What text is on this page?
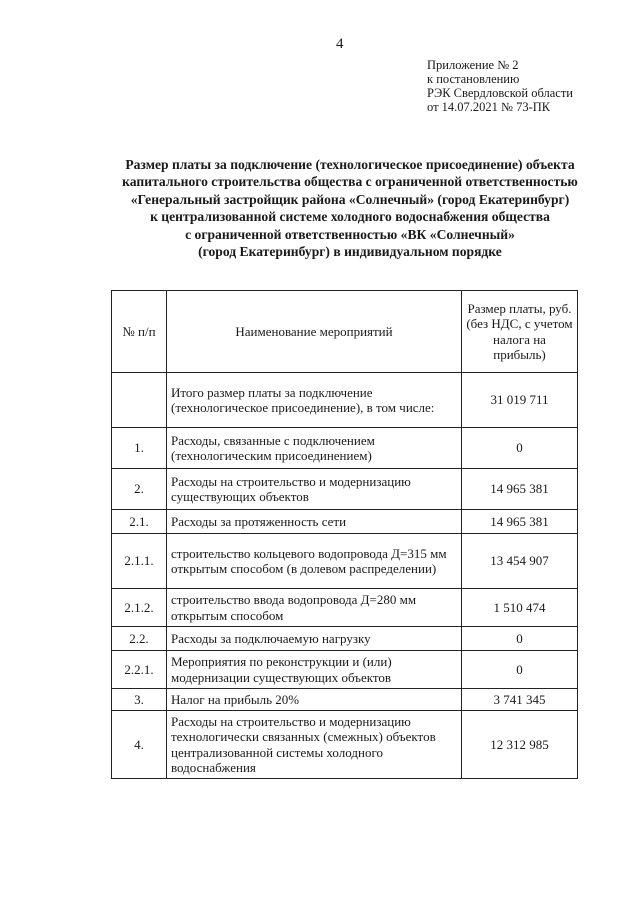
4
Приложение № 2
к постановлению
РЭК Свердловской области
от 14.07.2021 № 73-ПК
Размер платы за подключение (технологическое присоединение) объекта
капитального строительства общества с ограниченной ответственностью
«Генеральный застройщик района «Солнечный» (город Екатеринбург)
к централизованной системе холодного водоснабжения общества
с ограниченной ответственностью «ВК «Солнечный»
(город Екатеринбург) в индивидуальном порядке
№ п/п	Наименование мероприятий	Размер платы, руб. (без НДС, с учетом налога на прибыль)
	Итого размер платы за подключение (технологическое присоединение), в том числе:	31 019 711
1.	Расходы, связанные с подключением (технологическим присоединением)	0
2.	Расходы на строительство и модернизацию существующих объектов	14 965 381
2.1.	Расходы за протяженность сети	14 965 381
2.1.1.	строительство кольцевого водопровода Д=315 мм открытым способом (в долевом распределении)	13 454 907
2.1.2.	строительство ввода водопровода Д=280 мм открытым способом	1 510 474
2.2.	Расходы за подключаемую нагрузку	0
2.2.1.	Мероприятия по реконструкции и (или) модернизации существующих объектов	0
3.	Налог на прибыль 20%	3 741 345
4.	Расходы на строительство и модернизацию технологически связанных (смежных) объектов централизованной системы холодного водоснабжения	12 312 985
